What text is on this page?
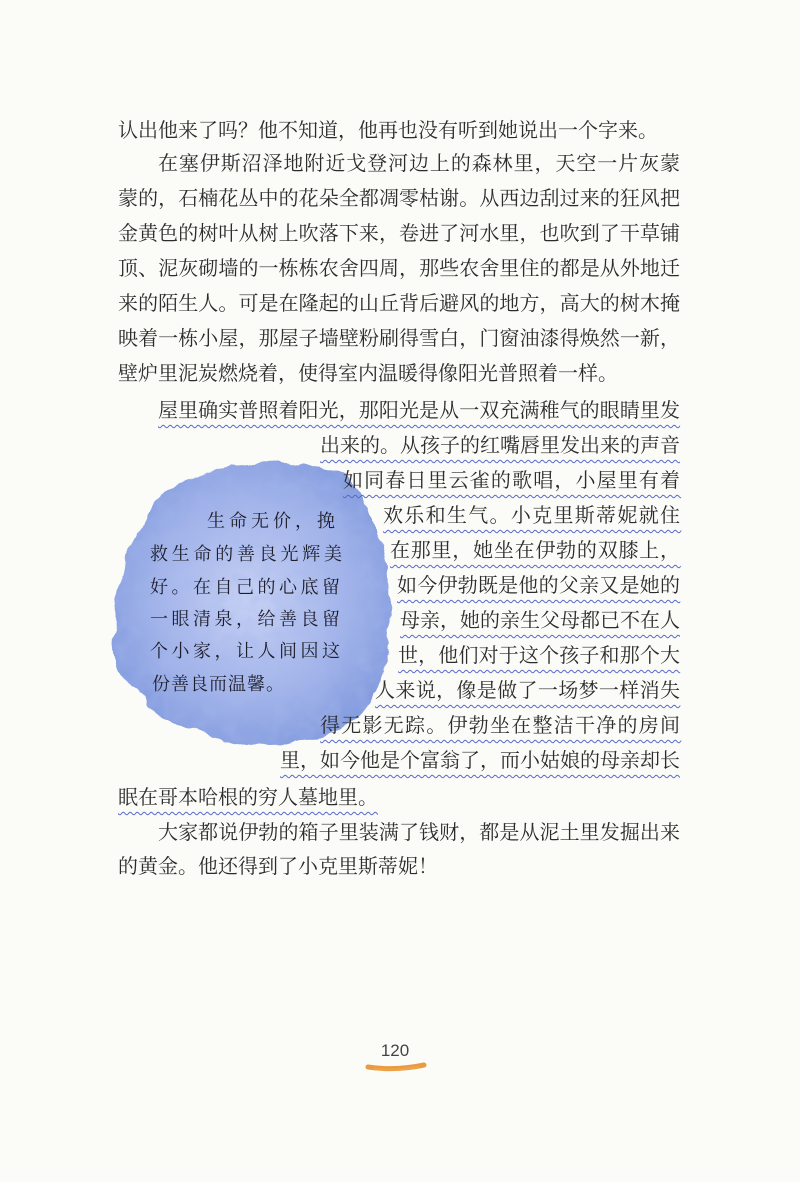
认出他来了吗？他不知道，他再也没有听到她说出一个字来。
在塞伊斯沼泽地附近戈登河边上的森林里，天空一片灰蒙
蒙的，石楠花丛中的花朵全都凋零枯谢。从西边刮过来的狂风把
金黄色的树叶从树上吹落下来，卷进了河水里，也吹到了干草铺
顶、泥灰砌墙的一栋栋农舍四周，那些农舍里住的都是从外地迁
来的陌生人。可是在隆起的山丘背后避风的地方，高大的树木掩
映着一栋小屋，那屋子墙壁粉刷得雪白，门窗油漆得焕然一新，
壁炉里泥炭燃烧着，使得室内温暖得像阳光普照着一样。
屋里确实普照着阳光，那阳光是从一双充满稚气的眼睛里发
出来的。从孩子的红嘴唇里发出来的声音
如同春日里云雀的歌唱，小屋里有着
欢乐和生气。小克里斯蒂妮就住
在那里，她坐在伊勃的双膝上，
如今伊勃既是他的父亲又是她的
母亲，她的亲生父母都已不在人
世，他们对于这个孩子和那个大
人来说，像是做了一场梦一样消失
得无影无踪。伊勃坐在整洁干净的房间
里，如今他是个富翁了，而小姑娘的母亲却长
眠在哥本哈根的穷人墓地里。
大家都说伊勃的箱子里装满了钱财，都是从泥土里发掘出来
的黄金。他还得到了小克里斯蒂妮！
生命无价，挽
救生命的善良光辉美
好。在自己的心底留
一眼清泉，给善良留
个小家，让人间因这
份善良而温馨。
120
